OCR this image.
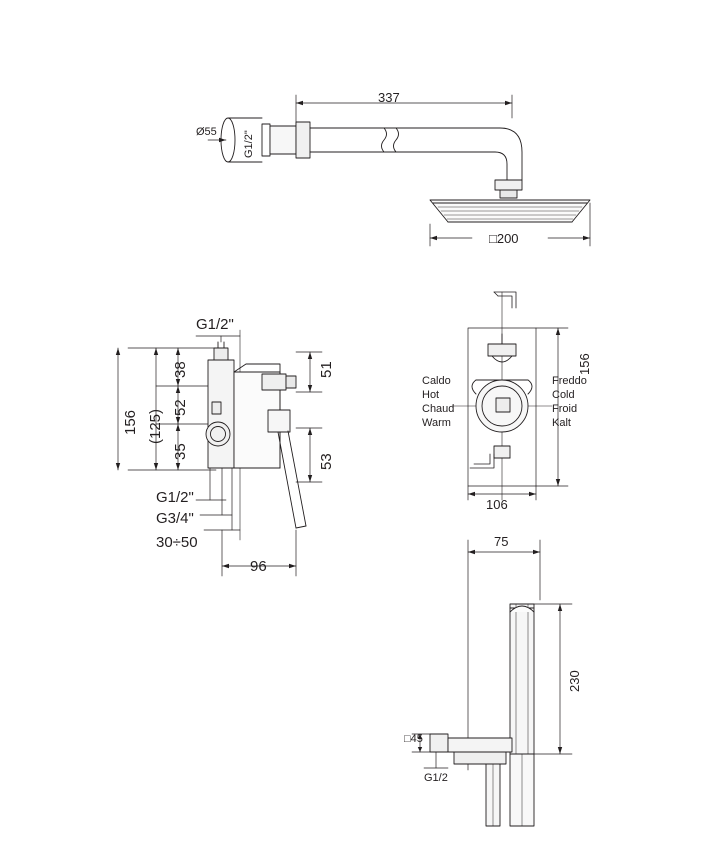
337
Ø55 G1/2"
□200
G1/2"
156 (125)
38
52
35
51
53
G1/2"
G3/4"
30÷50
96
Caldo
Hot
Chaud
Warm
Freddo
Cold
Froid
Kalt
156
106
75
230
□45
G1/2
